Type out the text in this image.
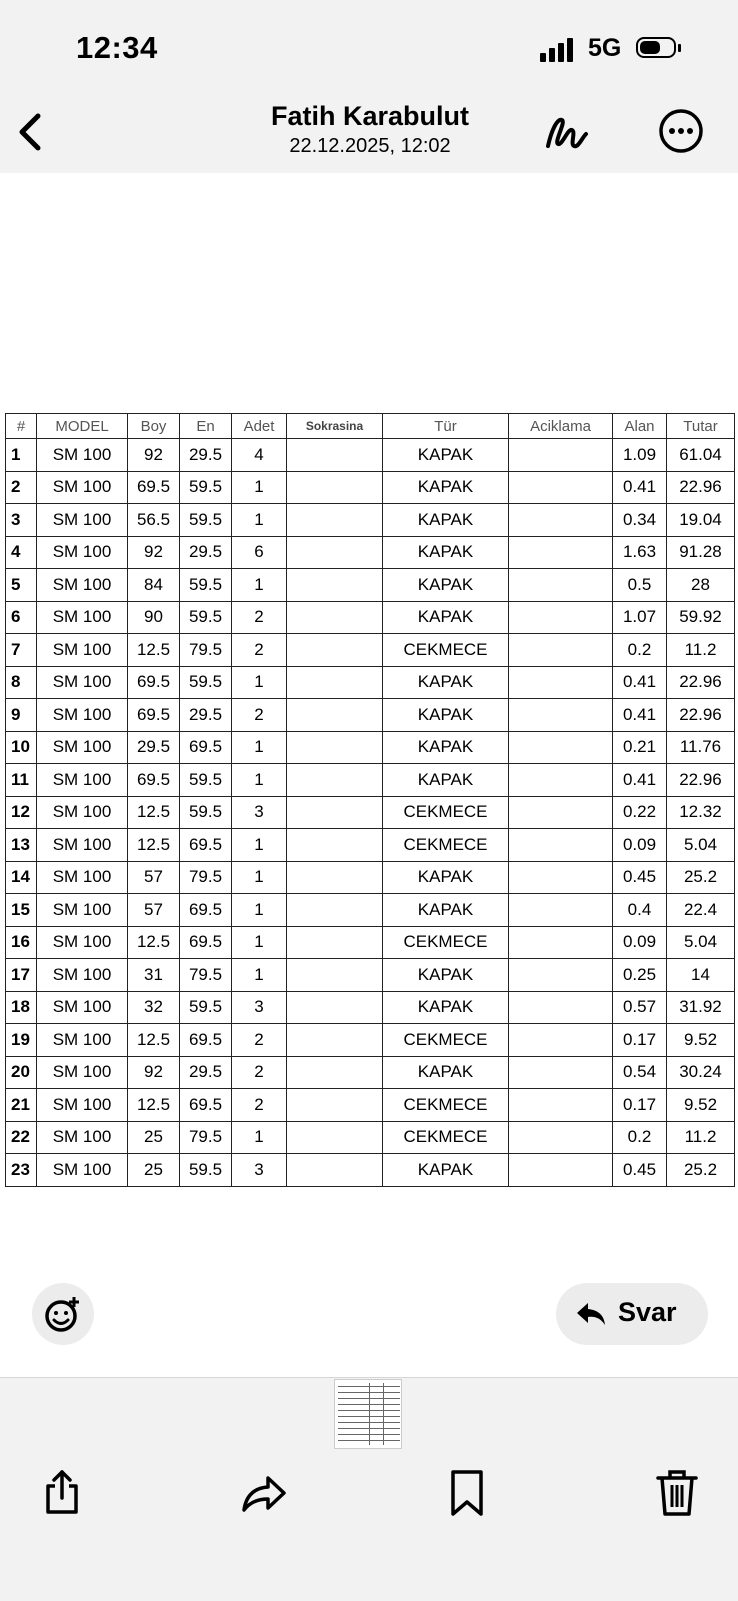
12:34	5G
Fatih Karabulut
22.12.2025, 12:02
#	MODEL	Boy	En	Adet	Sokrasina	Tür	Aciklama	Alan	Tutar
1	SM 100	92	29.5	4		KAPAK		1.09	61.04
2	SM 100	69.5	59.5	1		KAPAK		0.41	22.96
3	SM 100	56.5	59.5	1		KAPAK		0.34	19.04
4	SM 100	92	29.5	6		KAPAK		1.63	91.28
5	SM 100	84	59.5	1		KAPAK		0.5	28
6	SM 100	90	59.5	2		KAPAK		1.07	59.92
7	SM 100	12.5	79.5	2		CEKMECE		0.2	11.2
8	SM 100	69.5	59.5	1		KAPAK		0.41	22.96
9	SM 100	69.5	29.5	2		KAPAK		0.41	22.96
10	SM 100	29.5	69.5	1		KAPAK		0.21	11.76
11	SM 100	69.5	59.5	1		KAPAK		0.41	22.96
12	SM 100	12.5	59.5	3		CEKMECE		0.22	12.32
13	SM 100	12.5	69.5	1		CEKMECE		0.09	5.04
14	SM 100	57	79.5	1		KAPAK		0.45	25.2
15	SM 100	57	69.5	1		KAPAK		0.4	22.4
16	SM 100	12.5	69.5	1		CEKMECE		0.09	5.04
17	SM 100	31	79.5	1		KAPAK		0.25	14
18	SM 100	32	59.5	3		KAPAK		0.57	31.92
19	SM 100	12.5	69.5	2		CEKMECE		0.17	9.52
20	SM 100	92	29.5	2		KAPAK		0.54	30.24
21	SM 100	12.5	69.5	2		CEKMECE		0.17	9.52
22	SM 100	25	79.5	1		CEKMECE		0.2	11.2
23	SM 100	25	59.5	3		KAPAK		0.45	25.2
Svar
